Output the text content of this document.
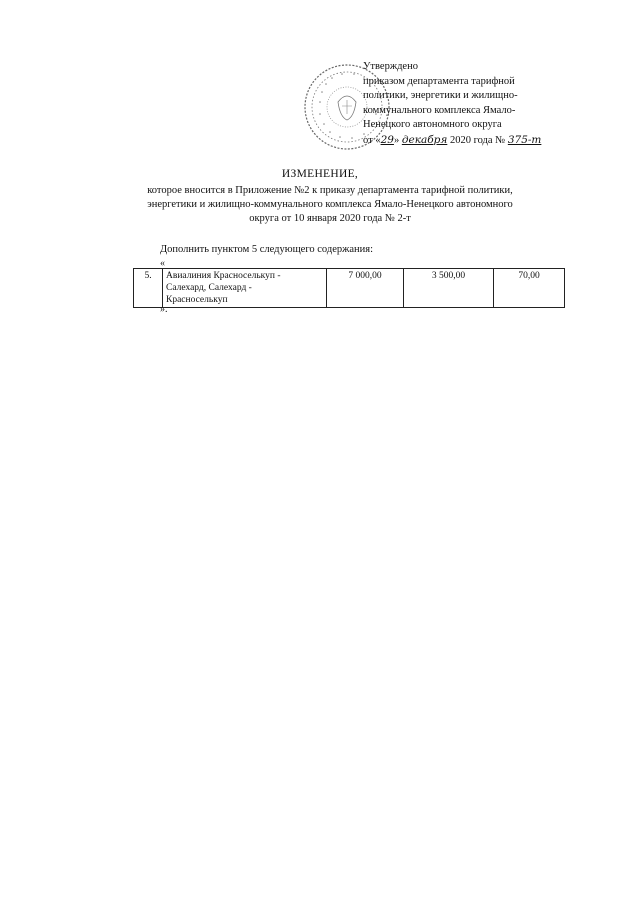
Утверждено
приказом департамента тарифной
политики, энергетики и жилищно-
коммунального комплекса Ямало-
Ненецкого автономного округа
от «29» декабря 2020 года № 375-т
ИЗМЕНЕНИЕ,
которое вносится в Приложение №2 к приказу департамента тарифной политики,
энергетики и жилищно-коммунального комплекса Ямало-Ненецкого автономного
округа от 10 января 2020 года № 2-т
Дополнить пунктом 5 следующего содержания:
«
5.	Авиалиния Красноселькуп -
Салехард, Салехард -
Красноселькуп
	7 000,00	3 500,00	70,00
».
